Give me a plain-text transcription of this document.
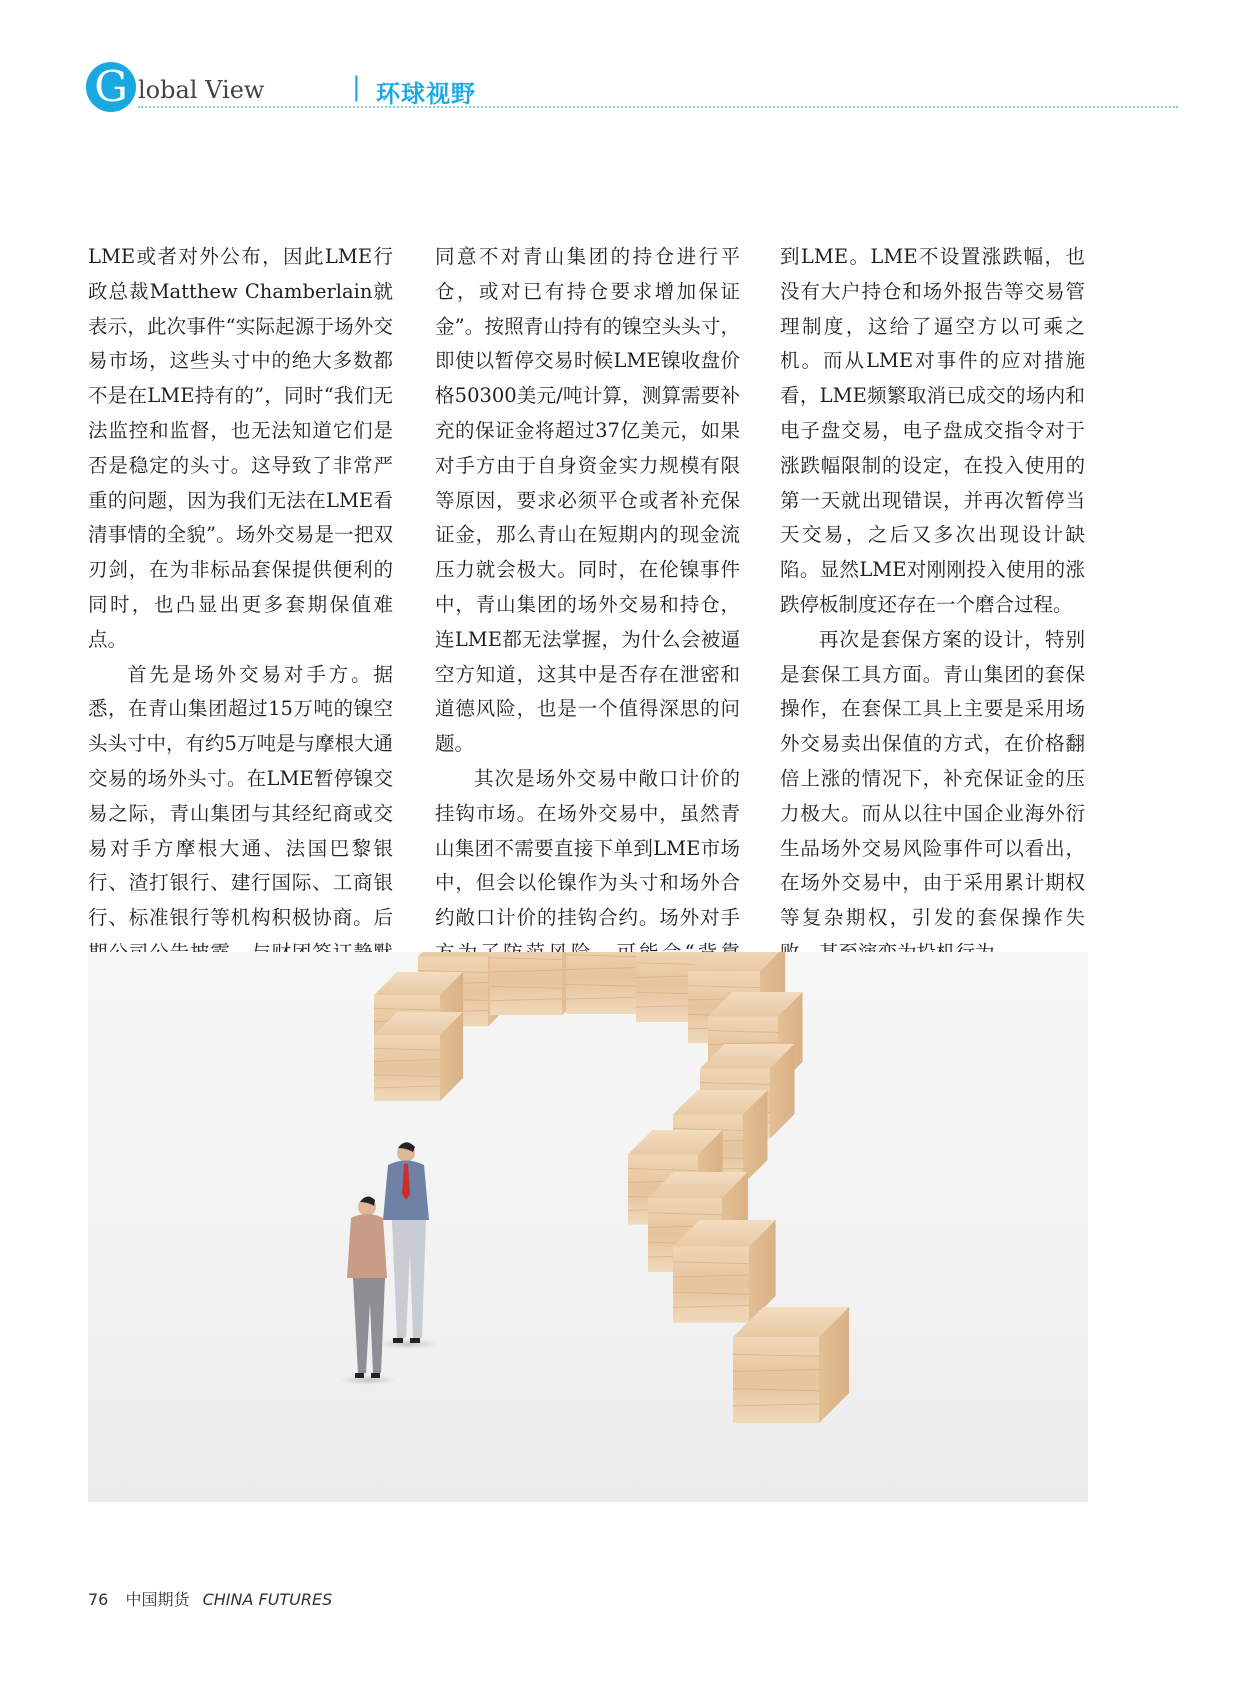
G lobal View	| 环球视野

LME或者对外公布，因此LME行政总裁Matthew Chamberlain就表示，此次事件“实际起源于场外交易市场，这些头寸中的绝大多数都不是在LME持有的”，同时“我们无法监控和监督，也无法知道它们是否是稳定的头寸。这导致了非常严重的问题，因为我们无法在LME看清事情的全貌”。场外交易是一把双刃剑，在为非标品套保提供便利的同时，也凸显出更多套期保值难点。

首先是场外交易对手方。据悉，在青山集团超过15万吨的镍空头头寸中，有约5万吨是与摩根大通交易的场外头寸。在LME暂停镍交易之际，青山集团与其经纪商或交易对手方摩根大通、法国巴黎银行、渣打银行、建行国际、工商银行、标准银行等机构积极协商。后

同意不对青山集团的持仓进行平仓，或对已有持仓要求增加保证金”。按照青山持有的镍空头头寸，即使以暂停交易时候LME镍收盘价格50300美元/吨计算，测算需要补充的保证金将超过37亿美元，如果对手方由于自身资金实力规模有限等原因，要求必须平仓或者补充保证金，那么青山在短期内的现金流压力就会极大。同时，在伦镍事件中，青山集团的场外交易和持仓，连LME都无法掌握，为什么会被逼空方知道，这其中是否存在泄密和道德风险，也是一个值得深思的问题。

其次是场外交易中敞口计价的挂钩市场。在场外交易中，虽然青山集团不需要直接下单到LME市场中，但会以伦镍作为头寸和场外合约敞口计价的挂钩合约。场外对手

到LME。LME不设置涨跌幅，也没有大户持仓和场外报告等交易管理制度，这给了逼空方以可乘之机。而从LME对事件的应对措施看，LME频繁取消已成交的场内和电子盘交易，电子盘成交指令对于涨跌幅限制的设定，在投入使用的第一天就出现错误，并再次暂停当天交易，之后又多次出现设计缺陷。显然LME对刚刚投入使用的涨跌停板制度还存在一个磨合过程。

再次是套保方案的设计，特别是套保工具方面。青山集团的套保操作，在套保工具上主要是采用场外交易卖出保值的方式，在价格翻倍上涨的情况下，补充保证金的压力极大。而从以往中国企业海外衍生品场外交易风险事件可以看出，在场外交易中，由于采用累计期权等复杂期权，引发的套保操作失

76 中国期货 CHINA FUTURES
